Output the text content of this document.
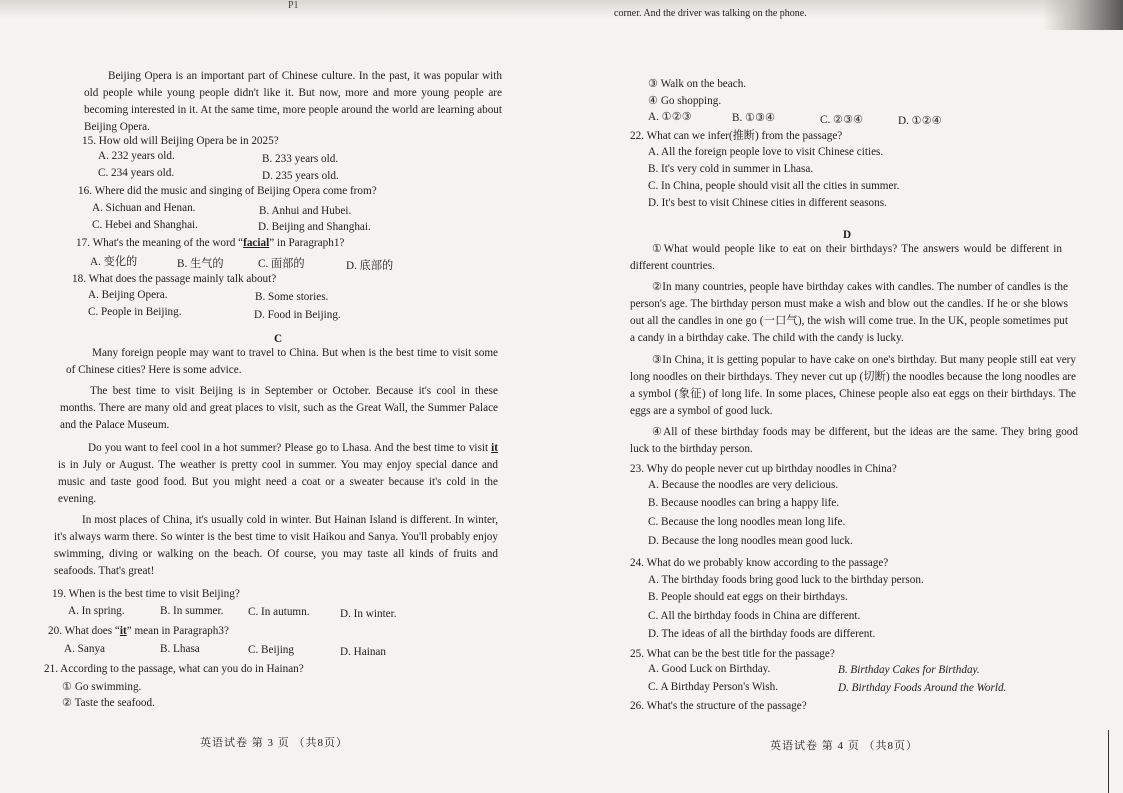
P1
Beijing Opera is an important part of Chinese culture. In the past, it was popular with old people while young people didn't like it. But now, more and more young people are becoming interested in it. At the same time, more people around the world are learning about Beijing Opera.
15. How old will Beijing Opera be in 2025?
A. 232 years old.	B. 233 years old.
C. 234 years old.	D. 235 years old.
16. Where did the music and singing of Beijing Opera come from?
A. Sichuan and Henan.	B. Anhui and Hubei.
C. Hebei and Shanghai.	D. Beijing and Shanghai.
17. What's the meaning of the word “facial” in Paragraph1?
A. 变化的	B. 生气的	C. 面部的	D. 底部的
18. What does the passage mainly talk about?
A. Beijing Opera.	B. Some stories.
C. People in Beijing.	D. Food in Beijing.
C
Many foreign people may want to travel to China. But when is the best time to visit some of Chinese cities? Here is some advice.
The best time to visit Beijing is in September or October. Because it's cool in these months. There are many old and great places to visit, such as the Great Wall, the Summer Palace and the Palace Museum.
Do you want to feel cool in a hot summer? Please go to Lhasa. And the best time to visit it is in July or August. The weather is pretty cool in summer. You may enjoy special dance and music and taste good food. But you might need a coat or a sweater because it's cold in the evening.
In most places of China, it's usually cold in winter. But Hainan Island is different. In winter, it's always warm there. So winter is the best time to visit Haikou and Sanya. You'll probably enjoy swimming, diving or walking on the beach. Of course, you may taste all kinds of fruits and seafoods. That's great!
19. When is the best time to visit Beijing?
A. In spring.	B. In summer. C. In autumn.	D. In winter.
20. What does “it” mean in Paragraph3?
A. Sanya	B. Lhasa	C. Beijing	D. Hainan
21. According to the passage, what can you do in Hainan?
① Go swimming.
② Taste the seafood.
英语试卷 第 3 页 （共8页）
corner. And the driver was talking on the phone.
③ Walk on the beach.
④ Go shopping.
A. ①②③	B. ①③④	C. ②③④	D. ①②④
22. What can we infer(推断) from the passage?
A. All the foreign people love to visit Chinese cities.
B. It's very cold in summer in Lhasa.
C. In China, people should visit all the cities in summer.
D. It's best to visit Chinese cities in different seasons.
D
①What would people like to eat on their birthdays? The answers would be different in different countries.
②In many countries, people have birthday cakes with candles. The number of candles is the person's age. The birthday person must make a wish and blow out the candles. If he or she blows out all the candles in one go (一口气), the wish will come true. In the UK, people sometimes put a candy in a birthday cake. The child with the candy is lucky.
③In China, it is getting popular to have cake on one's birthday. But many people still eat very long noodles on their birthdays. They never cut up (切断) the noodles because the long noodles are a symbol (象征) of long life. In some places, Chinese people also eat eggs on their birthdays. The eggs are a symbol of good luck.
④All of these birthday foods may be different, but the ideas are the same. They bring good luck to the birthday person.
23. Why do people never cut up birthday noodles in China?
A. Because the noodles are very delicious.
B. Because noodles can bring a happy life.
C. Because the long noodles mean long life.
D. Because the long noodles mean good luck.
24. What do we probably know according to the passage?
A. The birthday foods bring good luck to the birthday person.
B. People should eat eggs on their birthdays.
C. All the birthday foods in China are different.
D. The ideas of all the birthday foods are different.
25. What can be the best title for the passage?
A. Good Luck on Birthday.	B. Birthday Cakes for Birthday.
C. A Birthday Person's Wish.	D. Birthday Foods Around the World.
26. What's the structure of the passage?
英语试卷 第 4 页 （共8页）
